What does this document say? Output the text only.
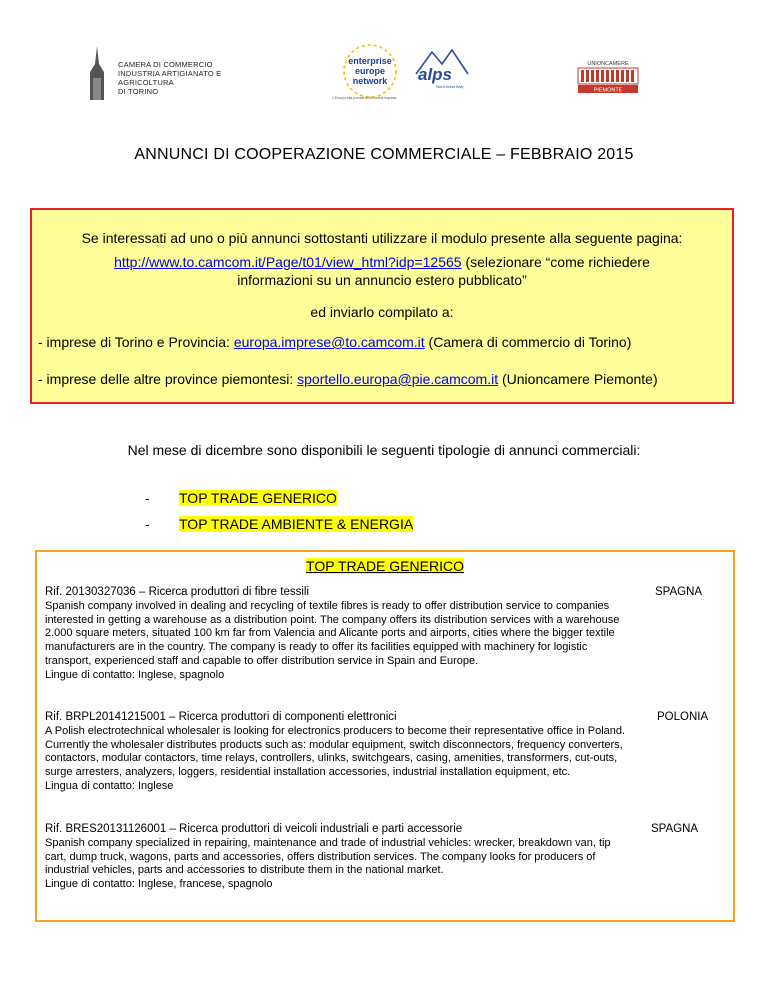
CAMERA DI COMMERCIO
INDUSTRIA ARTIGIANATO E AGRICOLTURA
DI TORINO
enterprise
europe
network
L'Europa alla portata della vostra impresa
alps
Nord-West Italy
UNIONCAMERE
PIEMONTE
ANNUNCI DI COOPERAZIONE COMMERCIALE – FEBBRAIO 2015
Se interessati ad uno o più annunci sottostanti utilizzare il modulo presente alla seguente pagina:
http://www.to.camcom.it/Page/t01/view_html?idp=12565 (selezionare “come richiedere
informazioni su un annuncio estero pubblicato”
ed inviarlo compilato a:
- imprese di Torino e Provincia: europa.imprese@to.camcom.it (Camera di commercio di Torino)
- imprese delle altre province piemontesi: sportello.europa@pie.camcom.it (Unioncamere Piemonte)
Nel mese di dicembre sono disponibili le seguenti tipologie di annunci commerciali:
- TOP TRADE GENERICO
- TOP TRADE AMBIENTE & ENERGIA
TOP TRADE GENERICO
Rif. 20130327036 – Ricerca produttori di fibre tessili	SPAGNA
Spanish company involved in dealing and recycling of textile fibres is ready to offer distribution service to companies
interested in getting a warehouse as a distribution point. The company offers its distribution services with a warehouse
2.000 square meters, situated 100 km far from Valencia and Alicante ports and airports, cities where the bigger textile
manufacturers are in the country. The company is ready to offer its facilities equipped with machinery for logistic
transport, experienced staff and capable to offer distribution service in Spain and Europe.
Lingue di contatto: Inglese, spagnolo
Rif. BRPL20141215001 – Ricerca produttori di componenti elettronici	POLONIA
A Polish electrotechnical wholesaler is looking for electronics producers to become their representative office in Poland.
Currently the wholesaler distributes products such as: modular equipment, switch disconnectors, frequency converters,
contactors, modular contactors, time relays, controllers, ulinks, switchgears, casing, amenities, transformers, cut-outs,
surge arresters, analyzers, loggers, residential installation accessories, industrial installation equipment, etc.
Lingua di contatto: Inglese
Rif. BRES20131126001 – Ricerca produttori di veicoli industriali e parti accessorie	SPAGNA
Spanish company specialized in repairing, maintenance and trade of industrial vehicles: wrecker, breakdown van, tip
cart, dump truck, wagons, parts and accessories, offers distribution services. The company looks for producers of
industrial vehicles, parts and accessories to distribute them in the national market.
Lingue di contatto: Inglese, francese, spagnolo
